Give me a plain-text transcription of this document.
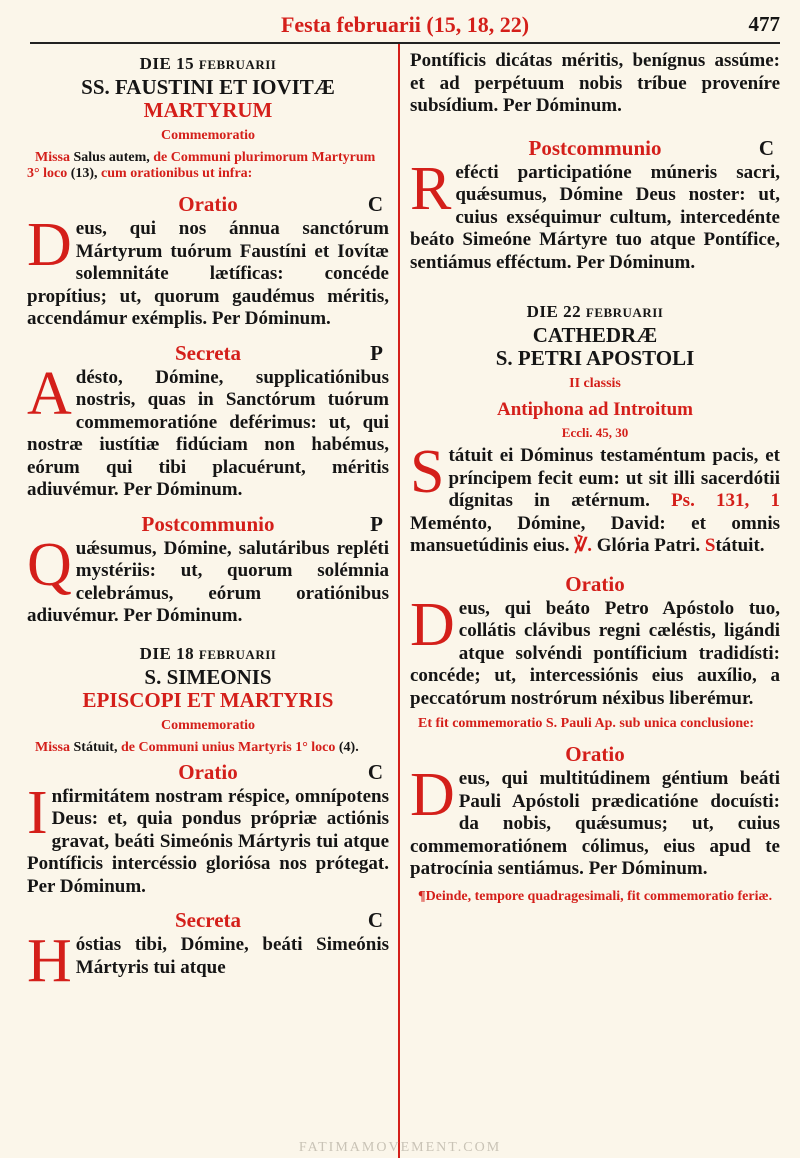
Festa februarii (15, 18, 22)	477
DIE 15 FEBRUARII
SS. FAUSTINI ET IOVITÆ
MARTYRUM
Commemoratio
Missa Salus autem, de Communi plurimorum Martyrum 3° loco (13), cum orationibus ut infra:
Oratio	C

Deus, qui nos ánnua sanctórum Mártyrum tuórum Faustíni et Iovítæ solemnitáte lætíficas: concéde propítius; ut, quorum gaudémus méritis, accendámur exémplis. Per Dóminum.

Secreta	P

Adésto, Dómine, supplicatiónibus nostris, quas in Sanctórum tuórum commemoratióne deférimus: ut, qui nostræ iustítiæ fidúciam non habémus, eórum qui tibi placuérunt, méritis adiuvémur. Per Dóminum.

Postcommunio	P

Quǽsumus, Dómine, salutáribus repléti mystériis: ut, quorum solémnia celebrámus, eórum oratiónibus adiuvémur. Per Dóminum.

DIE 18 FEBRUARII
S. SIMEONIS
EPISCOPI ET MARTYRIS
Commemoratio
Missa Státuit, de Communi unius Martyris 1° loco (4).
Oratio	C

Infirmitátem nostram réspice, omnípotens Deus: et, quia pondus própriæ actiónis gravat, beáti Simeónis Mártyris tui atque Pontíficis intercéssio gloriósa nos prótegat. Per Dóminum.

Secreta	C

Hóstias tibi, Dómine, beáti Simeónis Mártyris tui atque

Pontíficis dicátas méritis, benígnus assúme: et ad perpétuum nobis tríbue proveníre subsídium. Per Dóminum.

Postcommunio	C

Refécti participatióne múneris sacri, quǽsumus, Dómine Deus noster: ut, cuius exséquimur cultum, intercedénte beáto Simeóne Mártyre tuo atque Pontífice, sentiámus efféctum. Per Dóminum.

DIE 22 FEBRUARII
CATHEDRÆ
S. PETRI APOSTOLI
II classis
Antiphona ad Introitum
Eccli. 45, 30

Státuit ei Dóminus testaméntum pacis, et príncipem fecit eum: ut sit illi sacerdótii dígnitas in ætérnum. Ps. 131, 1 Meménto, Dómine, David: et omnis mansuetúdinis eius. ℣. Glória Patri. Státuit.

Oratio

Deus, qui beáto Petro Apóstolo tuo, collátis clávibus regni cæléstis, ligándi atque solvéndi pontíficium tradidísti: concéde; ut, intercessiónis eius auxílio, a peccatórum nostrórum néxibus liberémur.

Et fit commemoratio S. Pauli Ap. sub unica conclusione:
Oratio

Deus, qui multitúdinem géntium beáti Pauli Apóstoli prædicatióne docuísti: da nobis, quǽsumus; ut, cuius commemoratiónem cólimus, eius apud te patrocínia sentiámus. Per Dóminum.

¶Deinde, tempore quadragesimali, fit commemoratio feriæ.
FATIMAMOVEMENT.COM
